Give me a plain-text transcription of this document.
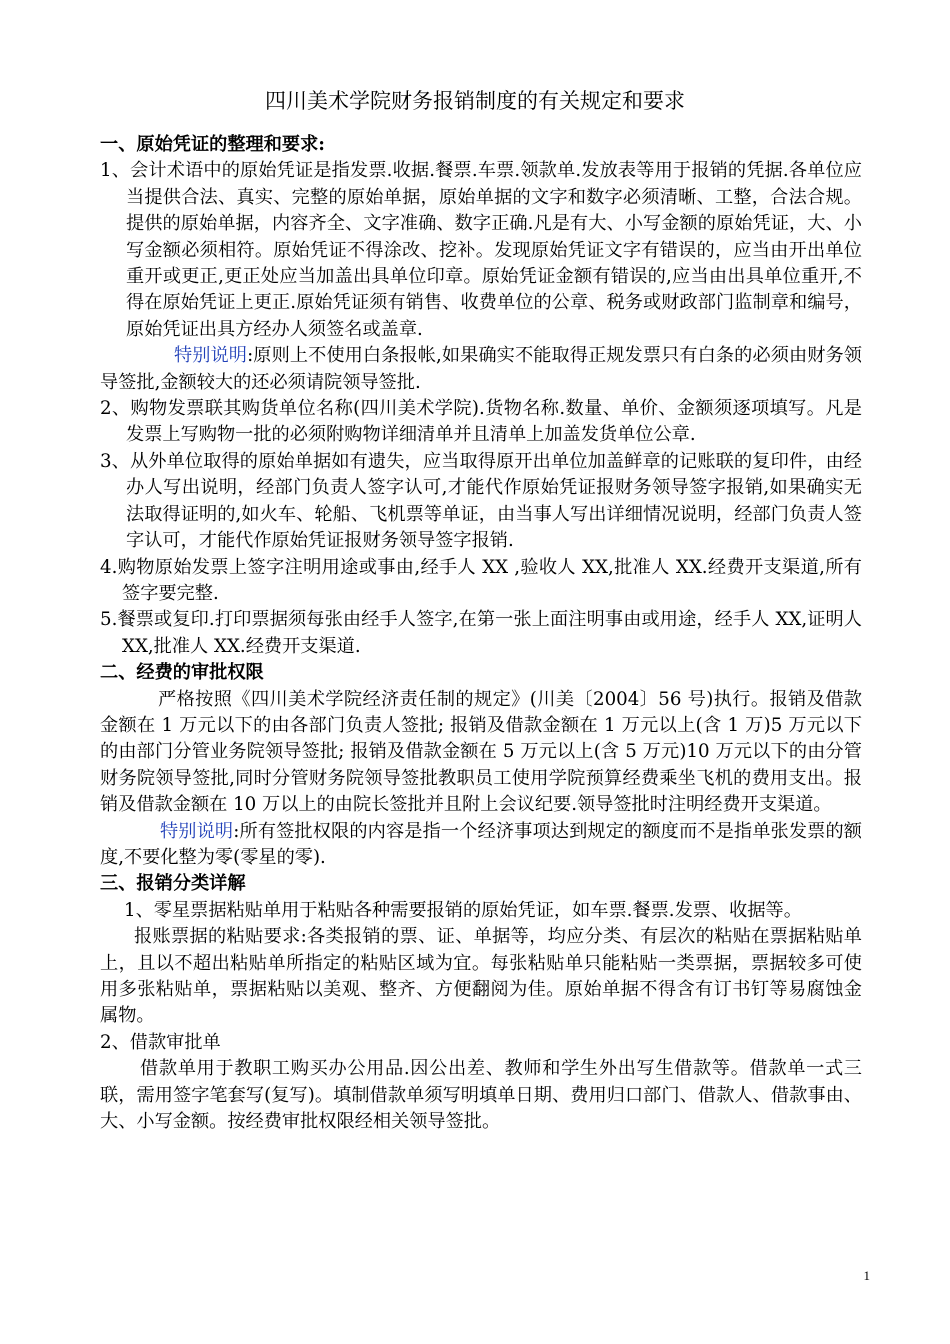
四川美术学院财务报销制度的有关规定和要求

一、原始凭证的整理和要求:

1、会计术语中的原始凭证是指发票.收据.餐票.车票.领款单.发放表等用于报销的凭据.各单位应当提供合法、真实、完整的原始单据，原始单据的文字和数字必须清晰、工整，合法合规。提供的原始单据，内容齐全、文字准确、数字正确.凡是有大、小写金额的原始凭证，大、小写金额必须相符。原始凭证不得涂改、挖补。发现原始凭证文字有错误的，应当由开出单位重开或更正,更正处应当加盖出具单位印章。原始凭证金额有错误的,应当由出具单位重开,不得在原始凭证上更正.原始凭证须有销售、收费单位的公章、税务或财政部门监制章和编号，原始凭证出具方经办人须签名或盖章.

特别说明:原则上不使用白条报帐,如果确实不能取得正规发票只有白条的必须由财务领导签批,金额较大的还必须请院领导签批.

2、购物发票联其购货单位名称(四川美术学院).货物名称.数量、单价、金额须逐项填写。凡是发票上写购物一批的必须附购物详细清单并且清单上加盖发货单位公章.

3、从外单位取得的原始单据如有遗失，应当取得原开出单位加盖鲜章的记账联的复印件，由经办人写出说明，经部门负责人签字认可,才能代作原始凭证报财务领导签字报销,如果确实无法取得证明的,如火车、轮船、飞机票等单证，由当事人写出详细情况说明，经部门负责人签字认可，才能代作原始凭证报财务领导签字报销.

4.购物原始发票上签字注明用途或事由,经手人 XX ,验收人 XX,批准人 XX.经费开支渠道,所有签字要完整.

5.餐票或复印.打印票据须每张由经手人签字,在第一张上面注明事由或用途，经手人 XX,证明人 XX,批准人 XX.经费开支渠道.

二、经费的审批权限

严格按照《四川美术学院经济责任制的规定》(川美〔2004〕56 号)执行。报销及借款金额在 1 万元以下的由各部门负责人签批; 报销及借款金额在 1 万元以上(含 1 万)5 万元以下的由部门分管业务院领导签批; 报销及借款金额在 5 万元以上(含 5 万元)10 万元以下的由分管财务院领导签批,同时分管财务院领导签批教职员工使用学院预算经费乘坐飞机的费用支出。报销及借款金额在 10 万以上的由院长签批并且附上会议纪要.领导签批时注明经费开支渠道。

特别说明:所有签批权限的内容是指一个经济事项达到规定的额度而不是指单张发票的额度,不要化整为零(零星的零).

三、报销分类详解

1、零星票据粘贴单用于粘贴各种需要报销的原始凭证，如车票.餐票.发票、收据等。

报账票据的粘贴要求:各类报销的票、证、单据等，均应分类、有层次的粘贴在票据粘贴单上，且以不超出粘贴单所指定的粘贴区域为宜。每张粘贴单只能粘贴一类票据，票据较多可使用多张粘贴单，票据粘贴以美观、整齐、方便翻阅为佳。原始单据不得含有订书钉等易腐蚀金属物。

2、借款审批单

借款单用于教职工购买办公用品.因公出差、教师和学生外出写生借款等。借款单一式三联，需用签字笔套写(复写)。填制借款单须写明填单日期、费用归口部门、借款人、借款事由、大、小写金额。按经费审批权限经相关领导签批。

1
